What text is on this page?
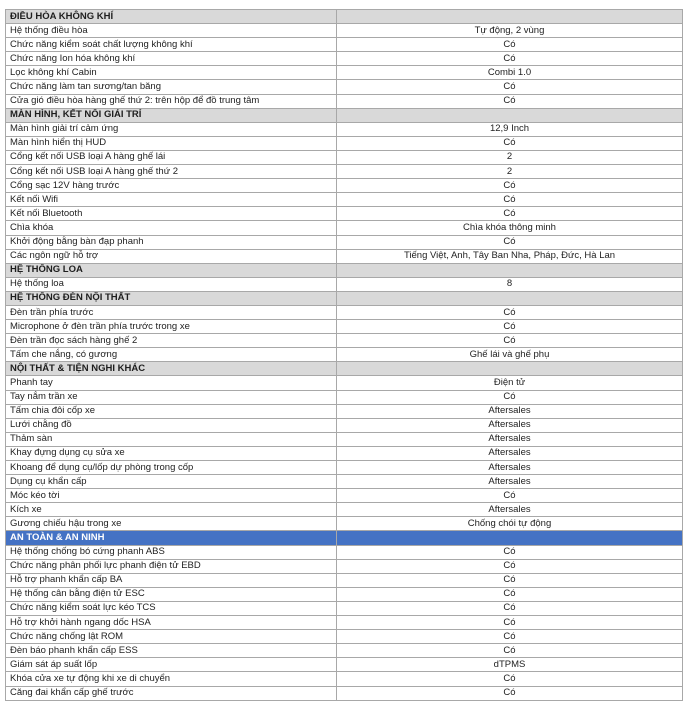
ĐIỀU HÒA KHÔNG KHÍ	
Hệ thống điều hòa	Tự động, 2 vùng
Chức năng kiểm soát chất lượng không khí	Có
Chức năng Ion hóa không khí	Có
Lọc không khí Cabin	Combi 1.0
Chức năng làm tan sương/tan băng	Có
Cửa gió điều hòa hàng ghế thứ 2: trên hộp để đồ trung tâm	Có
MÀN HÌNH, KẾT NỐI GIẢI TRÍ	
Màn hình giải trí cảm ứng	12,9 Inch
Màn hình hiển thị HUD	Có
Cổng kết nối USB loại A hàng ghế lái	2
Cổng kết nối USB loại A hàng ghế thứ 2	2
Cổng sạc 12V hàng trước	Có
Kết nối Wifi	Có
Kết nối Bluetooth	Có
Chìa khóa	Chìa khóa thông minh
Khởi động bằng bàn đạp phanh	Có
Các ngôn ngữ hỗ trợ	Tiếng Việt, Anh, Tây Ban Nha, Pháp, Đức, Hà Lan
HỆ THỐNG LOA	
Hệ thống loa	8
HỆ THỐNG ĐÈN NỘI THẤT	
Đèn trần phía trước	Có
Microphone ở đèn trần phía trước trong xe	Có
Đèn trần đọc sách hàng ghế 2	Có
Tấm che nắng, có gương	Ghế lái và ghế phụ
NỘI THẤT & TIỆN NGHI KHÁC	
Phanh tay	Điện tử
Tay nắm trần xe	Có
Tấm chia đôi cốp xe	Aftersales
Lưới chằng đồ	Aftersales
Thảm sàn	Aftersales
Khay đựng dụng cụ sửa xe	Aftersales
Khoang để dụng cụ/lốp dự phòng trong cốp	Aftersales
Dụng cụ khẩn cấp	Aftersales
Móc kéo tời	Có
Kích xe	Aftersales
Gương chiếu hậu trong xe	Chống chói tự động
AN TOÀN & AN NINH	
Hệ thống chống bó cứng phanh ABS	Có
Chức năng phân phối lực phanh điện tử EBD	Có
Hỗ trợ phanh khẩn cấp BA	Có
Hệ thống cân bằng điện tử ESC	Có
Chức năng kiểm soát lực kéo TCS	Có
Hỗ trợ khởi hành ngang dốc HSA	Có
Chức năng chống lật ROM	Có
Đèn báo phanh khẩn cấp ESS	Có
Giám sát áp suất lốp	dTPMS
Khóa cửa xe tự động khi xe di chuyển	Có
Căng đai khẩn cấp ghế trước	Có
